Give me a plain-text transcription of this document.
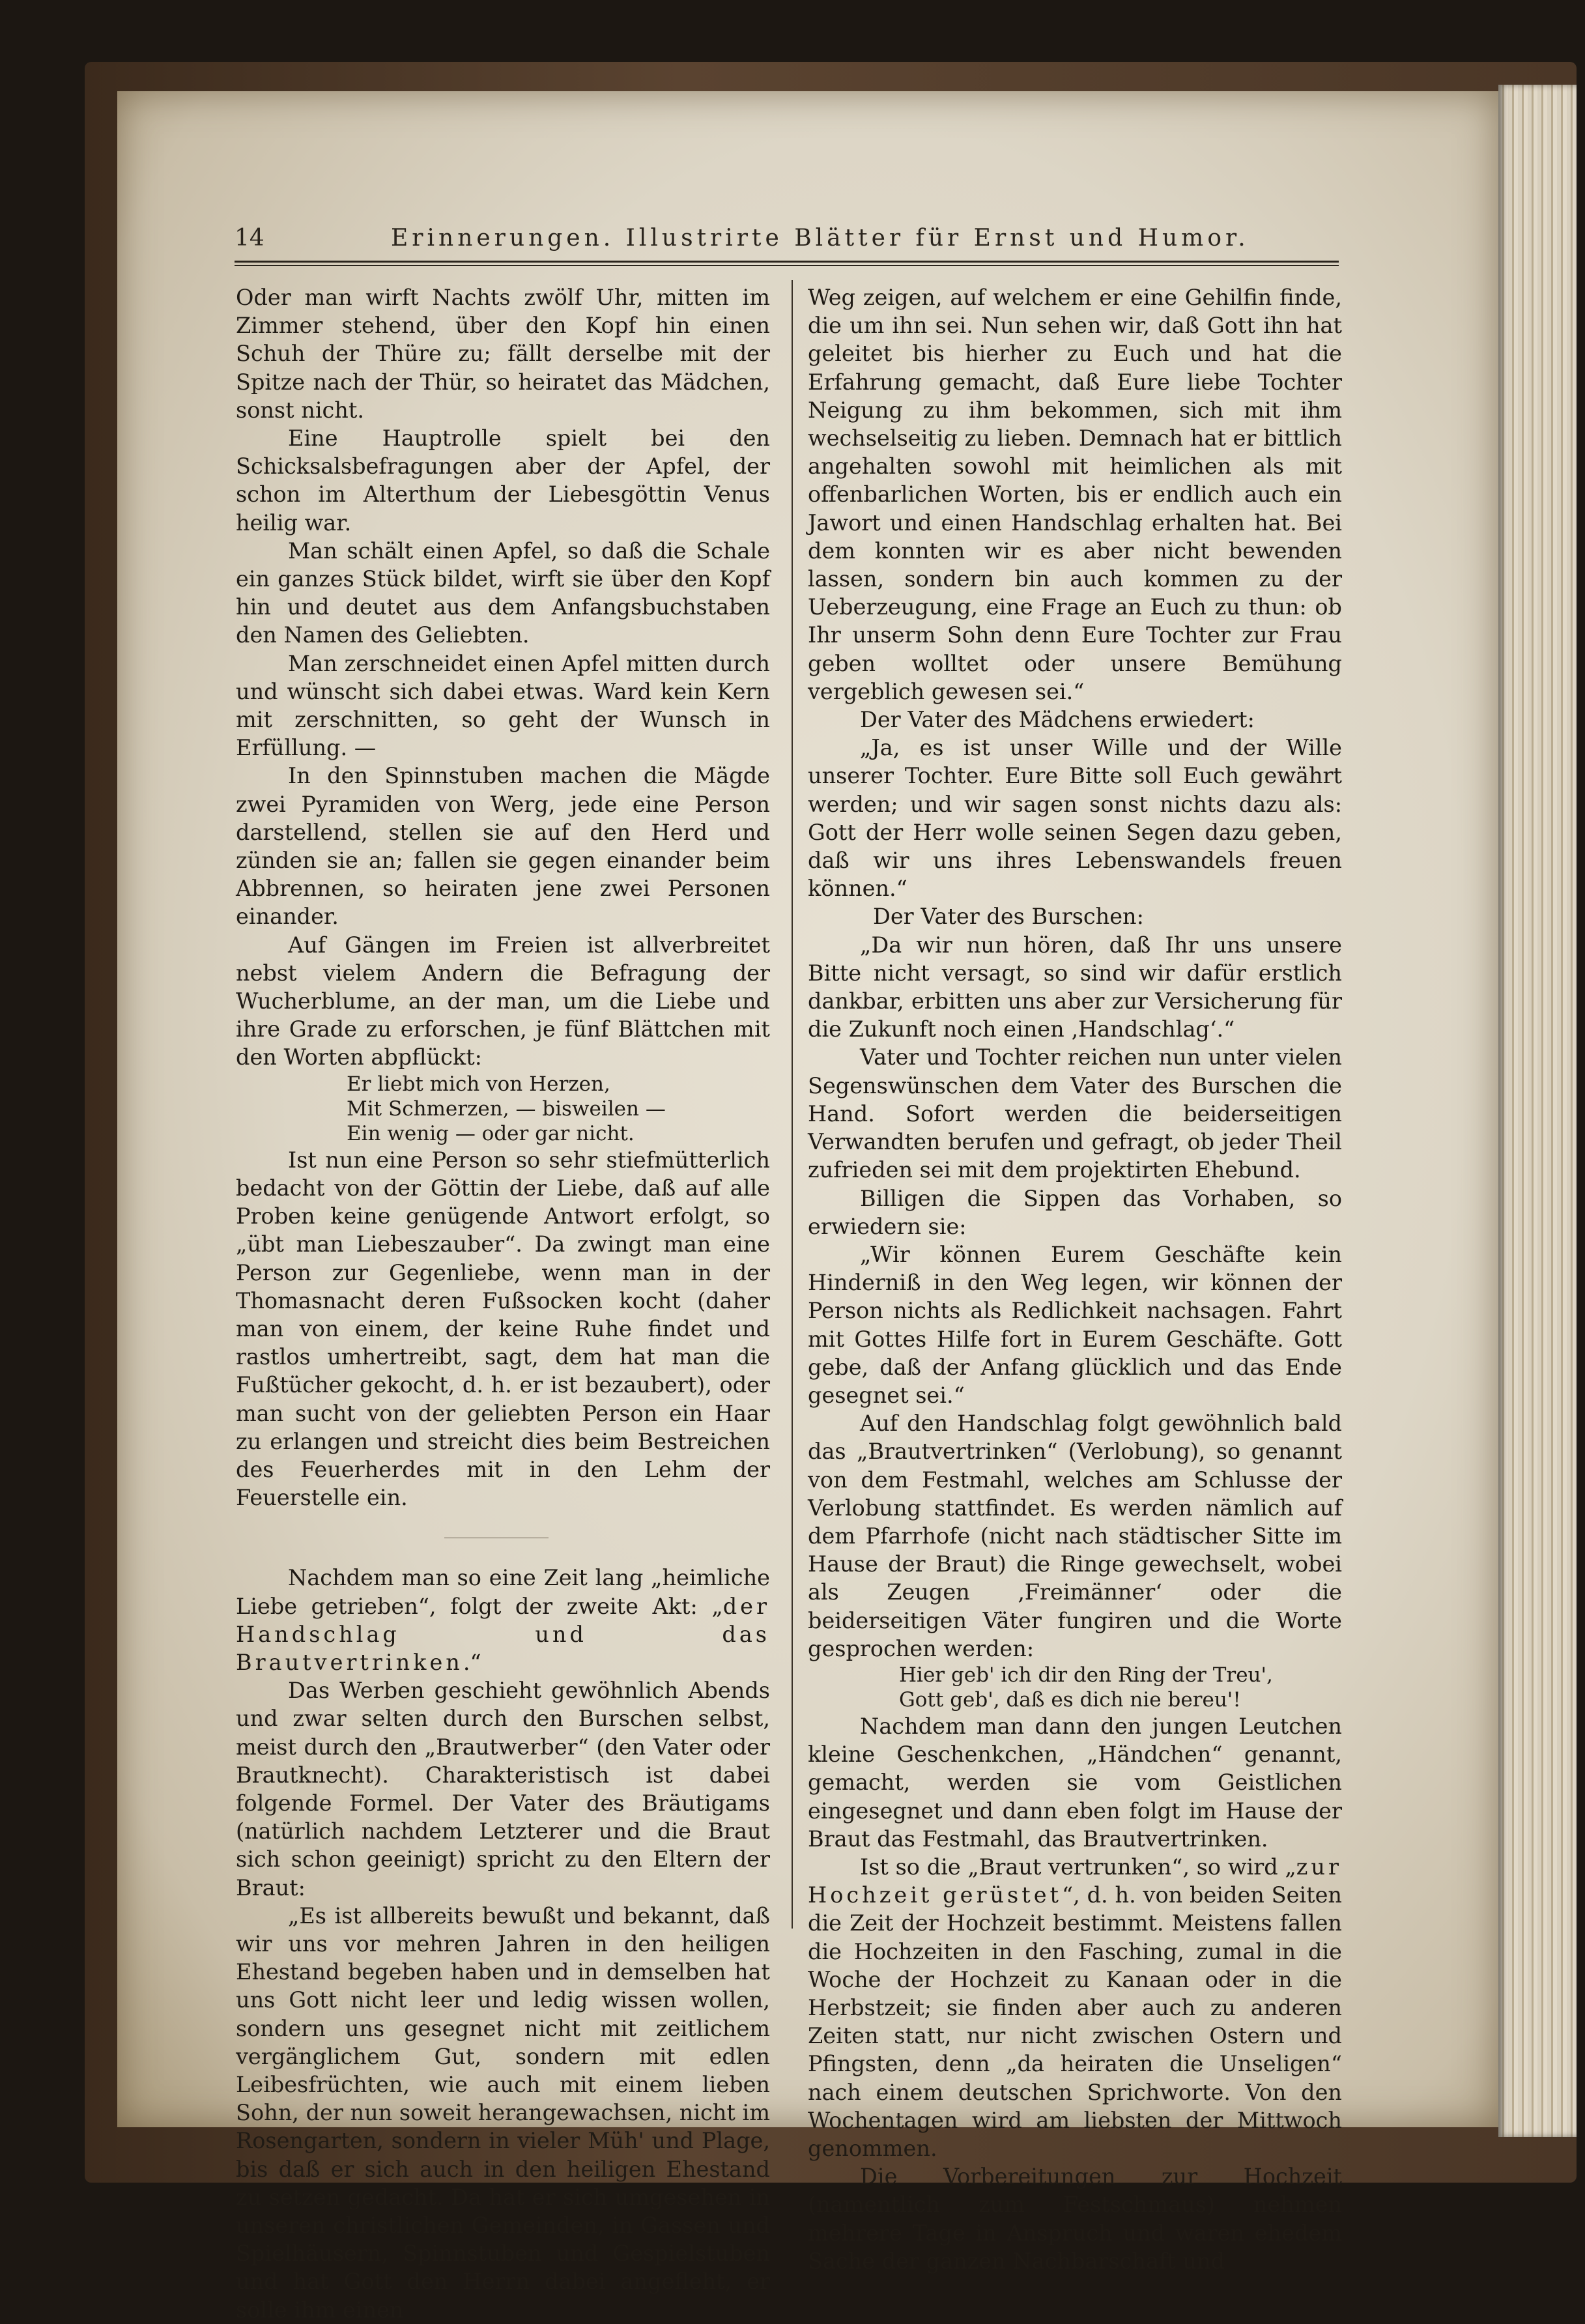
14	Erinnerungen. Illustrirte Blätter für Ernst und Humor.

Oder man wirft Nachts zwölf Uhr, mitten im Zimmer stehend, über den Kopf hin einen Schuh der Thüre zu; fällt derselbe mit der Spitze nach der Thür, so heiratet das Mädchen, sonst nicht.

Eine Hauptrolle spielt bei den Schicksalsbefragungen aber der Apfel, der schon im Alterthum der Liebesgöttin Venus heilig war.

Man schält einen Apfel, so daß die Schale ein ganzes Stück bildet, wirft sie über den Kopf hin und deutet aus dem Anfangsbuchstaben den Namen des Geliebten.

Man zerschneidet einen Apfel mitten durch und wünscht sich dabei etwas. Ward kein Kern mit zerschnitten, so geht der Wunsch in Erfüllung. —

In den Spinnstuben machen die Mägde zwei Pyramiden von Werg, jede eine Person darstellend, stellen sie auf den Herd und zünden sie an; fallen sie gegen einander beim Abbrennen, so heiraten jene zwei Personen einander.

Auf Gängen im Freien ist allverbreitet nebst vielem Andern die Befragung der Wucherblume, an der man, um die Liebe und ihre Grade zu erforschen, je fünf Blättchen mit den Worten abpflückt:

Er liebt mich von Herzen,
Mit Schmerzen, — bisweilen —
Ein wenig — oder gar nicht.

Ist nun eine Person so sehr stiefmütterlich bedacht von der Göttin der Liebe, daß auf alle Proben keine genügende Antwort erfolgt, so „übt man Liebeszauber“. Da zwingt man eine Person zur Gegenliebe, wenn man in der Thomasnacht deren Fußsocken kocht (daher man von einem, der keine Ruhe findet und rastlos umhertreibt, sagt, dem hat man die Fußtücher gekocht, d. h. er ist bezaubert), oder man sucht von der geliebten Person ein Haar zu erlangen und streicht dies beim Bestreichen des Feuerherdes mit in den Lehm der Feuerstelle ein.

Nachdem man so eine Zeit lang „heimliche Liebe getrieben“, folgt der zweite Akt: „der Handschlag und das Brautvertrinken.“

Das Werben geschieht gewöhnlich Abends und zwar selten durch den Burschen selbst, meist durch den „Brautwerber“ (den Vater oder Brautknecht). Charakteristisch ist dabei folgende Formel. Der Vater des Bräutigams (natürlich nachdem Letzterer und die Braut sich schon geeinigt) spricht zu den Eltern der Braut:

„Es ist allbereits bewußt und bekannt, daß wir uns vor mehren Jahren in den heiligen Ehestand begeben haben und in demselben hat uns Gott nicht leer und ledig wissen wollen, sondern uns gesegnet nicht mit zeitlichem vergänglichem Gut, sondern mit edlen Leibesfrüchten, wie auch mit einem lieben Sohn, der nun soweit herangewachsen, nicht im Rosengarten, sondern in vieler Müh' und Plage, bis daß er sich auch in den heiligen Ehestand zu setzen gedacht. Da hat er sich umgesehen in unseren christlichen Gemeinden, in Gassen und Spielhäusern, Spinnstuben und Gespielstuben und hat Gott den Herrn dabei angefleht, er solle ihm einen

Weg zeigen, auf welchem er eine Gehilfin finde, die um ihn sei. Nun sehen wir, daß Gott ihn hat geleitet bis hierher zu Euch und hat die Erfahrung gemacht, daß Eure liebe Tochter Neigung zu ihm bekommen, sich mit ihm wechselseitig zu lieben. Demnach hat er bittlich angehalten sowohl mit heimlichen als mit offenbarlichen Worten, bis er endlich auch ein Jawort und einen Handschlag erhalten hat. Bei dem konnten wir es aber nicht bewenden lassen, sondern bin auch kommen zu der Ueberzeugung, eine Frage an Euch zu thun: ob Ihr unserm Sohn denn Eure Tochter zur Frau geben wolltet oder unsere Bemühung vergeblich gewesen sei.“

Der Vater des Mädchens erwiedert:

„Ja, es ist unser Wille und der Wille unserer Tochter. Eure Bitte soll Euch gewährt werden; und wir sagen sonst nichts dazu als: Gott der Herr wolle seinen Segen dazu geben, daß wir uns ihres Lebenswandels freuen können.“

Der Vater des Burschen:

„Da wir nun hören, daß Ihr uns unsere Bitte nicht versagt, so sind wir dafür erstlich dankbar, erbitten uns aber zur Versicherung für die Zukunft noch einen ‚Handschlag‘.“

Vater und Tochter reichen nun unter vielen Segenswünschen dem Vater des Burschen die Hand. Sofort werden die beiderseitigen Verwandten berufen und gefragt, ob jeder Theil zufrieden sei mit dem projektirten Ehebund.

Billigen die Sippen das Vorhaben, so erwiedern sie:

„Wir können Eurem Geschäfte kein Hinderniß in den Weg legen, wir können der Person nichts als Redlichkeit nachsagen. Fahrt mit Gottes Hilfe fort in Eurem Geschäfte. Gott gebe, daß der Anfang glücklich und das Ende gesegnet sei.“

Auf den Handschlag folgt gewöhnlich bald das „Brautvertrinken“ (Verlobung), so genannt von dem Festmahl, welches am Schlusse der Verlobung stattfindet. Es werden nämlich auf dem Pfarrhofe (nicht nach städtischer Sitte im Hause der Braut) die Ringe gewechselt, wobei als Zeugen ‚Freimänner‘ oder die beiderseitigen Väter fungiren und die Worte gesprochen werden:

Hier geb' ich dir den Ring der Treu',
Gott geb', daß es dich nie bereu'!

Nachdem man dann den jungen Leutchen kleine Geschenkchen, „Händchen“ genannt, gemacht, werden sie vom Geistlichen eingesegnet und dann eben folgt im Hause der Braut das Festmahl, das Brautvertrinken.

Ist so die „Braut vertrunken“, so wird „zur Hochzeit gerüstet“, d. h. von beiden Seiten die Zeit der Hochzeit bestimmt. Meistens fallen die Hochzeiten in den Fasching, zumal in die Woche der Hochzeit zu Kanaan oder in die Herbstzeit; sie finden aber auch zu anderen Zeiten statt, nur nicht zwischen Ostern und Pfingsten, denn „da heiraten die Unseligen“ nach einem deutschen Sprichworte. Von den Wochentagen wird am liebsten der Mittwoch genommen.

Die Vorbereitungen zur Hochzeit (namentlich zum Festschmaus) nehmen mehrere Tage in Anspruch und waren ehedem Sache der ganzen Nachbarschaft und
